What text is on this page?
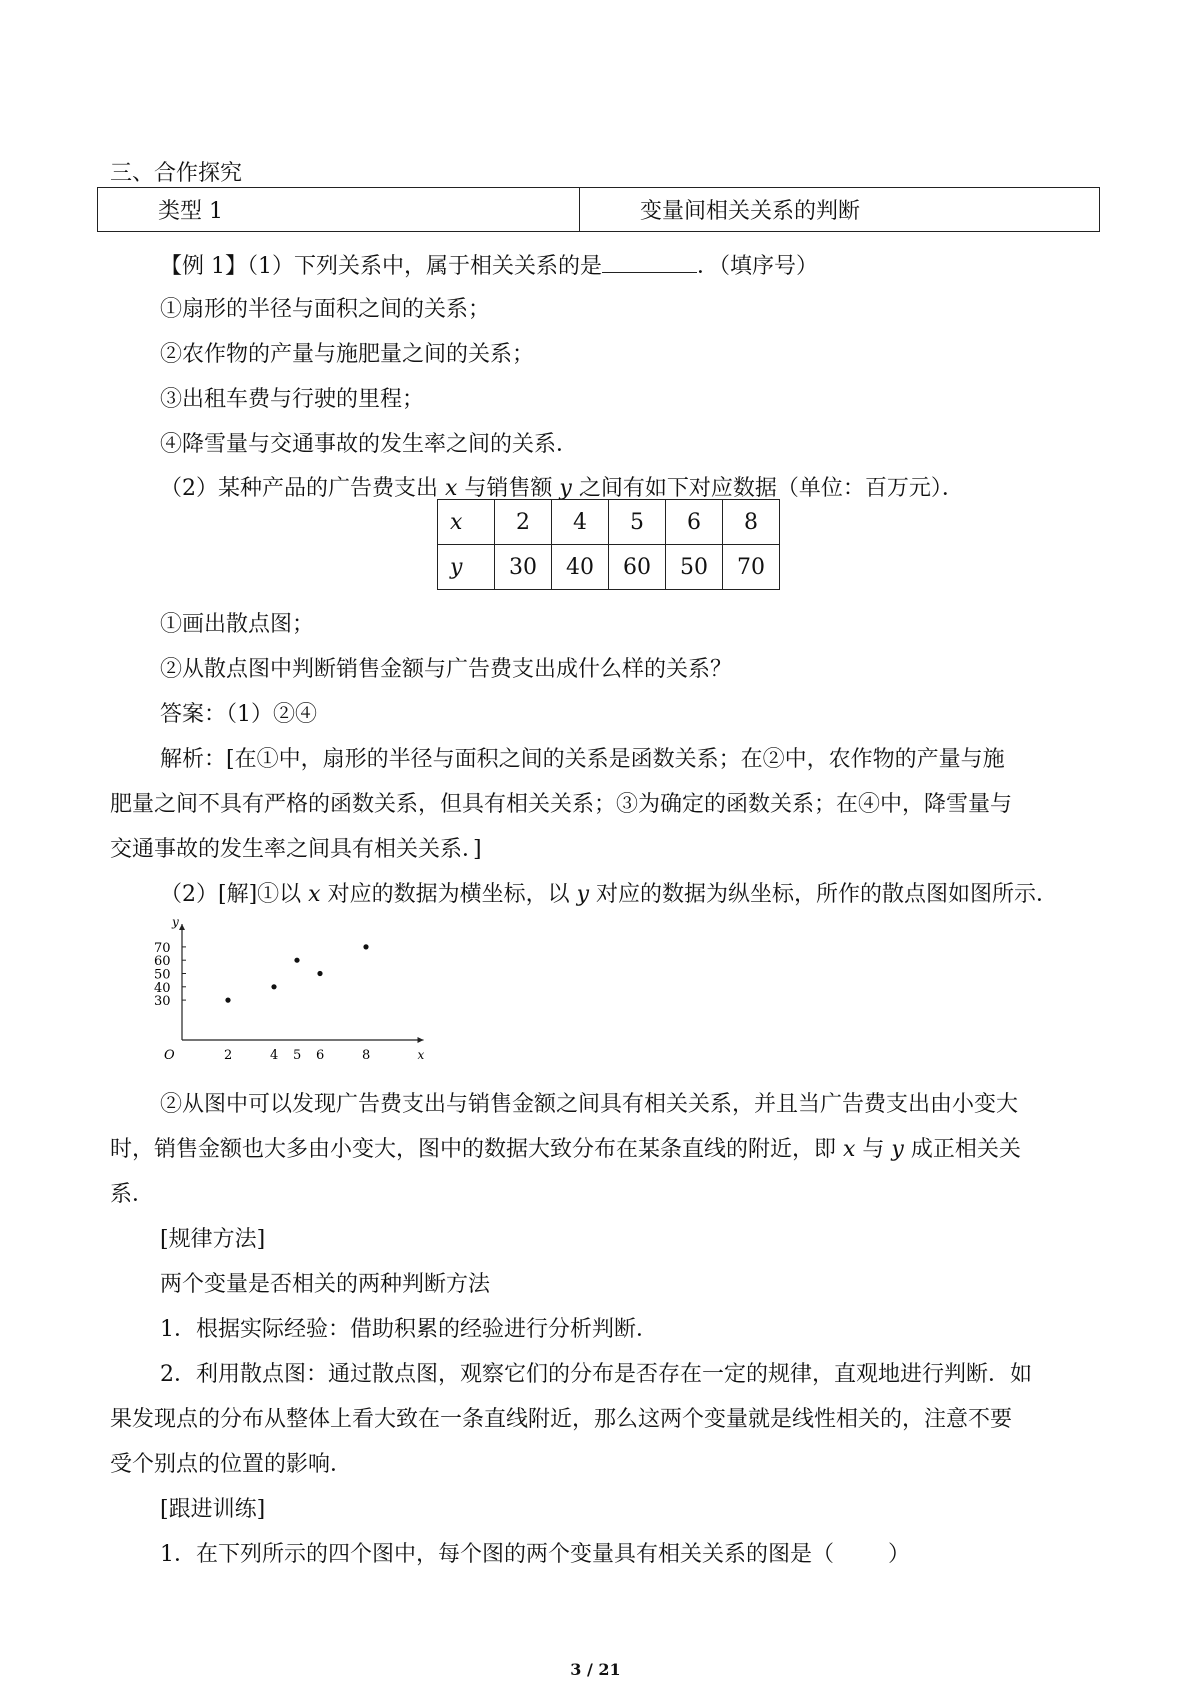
三、合作探究
类型 1	变量间相关关系的判断
【例 1】（1）下列关系中，属于相关关系的是	．（填序号）
①扇形的半径与面积之间的关系；
②农作物的产量与施肥量之间的关系；
③出租车费与行驶的里程；
④降雪量与交通事故的发生率之间的关系．
（2）某种产品的广告费支出 x 与销售额 y 之间有如下对应数据（单位：百万元）．
x	2	4	5	6	8
y	30	40	60	50	70
①画出散点图；
②从散点图中判断销售金额与广告费支出成什么样的关系？
答案：（1）②④
解析：[在①中，扇形的半径与面积之间的关系是函数关系；在②中，农作物的产量与施
肥量之间不具有严格的函数关系，但具有相关关系；③为确定的函数关系；在④中，降雪量与
交通事故的发生率之间具有相关关系．]
（2）[解]①以 x 对应的数据为横坐标，以 y 对应的数据为纵坐标，所作的散点图如图所示．
x
y
O	2	4 5 6	8
30
40
50
60
70
②从图中可以发现广告费支出与销售金额之间具有相关关系，并且当广告费支出由小变大
时，销售金额也大多由小变大，图中的数据大致分布在某条直线的附近，即 x 与 y 成正相关关
系．
[规律方法]
两个变量是否相关的两种判断方法
1．根据实际经验：借助积累的经验进行分析判断．
2．利用散点图：通过散点图，观察它们的分布是否存在一定的规律，直观地进行判断．如
果发现点的分布从整体上看大致在一条直线附近，那么这两个变量就是线性相关的，注意不要
受个别点的位置的影响．
[跟进训练]
1．在下列所示的四个图中，每个图的两个变量具有相关关系的图是（ ）
3 / 21
